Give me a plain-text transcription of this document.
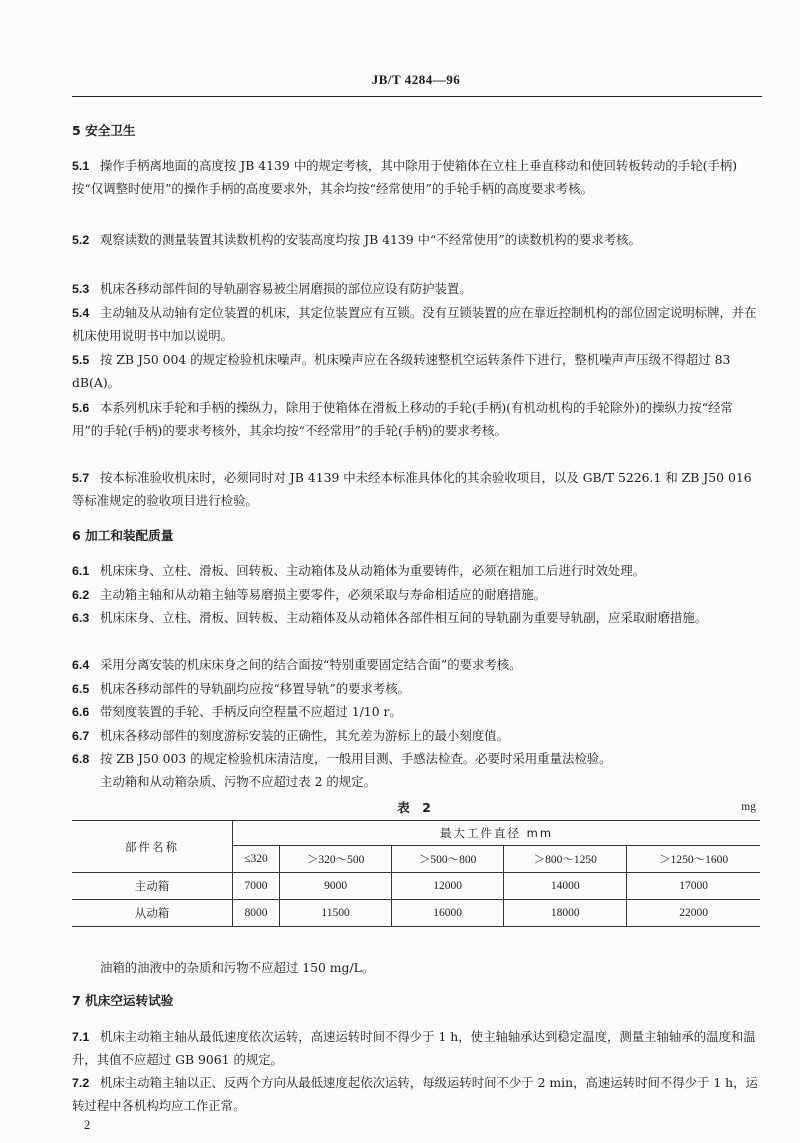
JB/T 4284—96
5 安全卫生
5.1 操作手柄离地面的高度按 JB 4139 中的规定考核，其中除用于使箱体在立柱上垂直移动和使回转板转动的手轮(手柄)按“仅调整时使用”的操作手柄的高度要求外，其余均按“经常使用”的手轮手柄的高度要求考核。
5.2 观察读数的测量装置其读数机构的安装高度均按 JB 4139 中“不经常使用”的读数机构的要求考核。
5.3 机床各移动部件间的导轨副容易被尘屑磨损的部位应设有防护装置。
5.4 主动轴及从动轴有定位装置的机床，其定位装置应有互锁。没有互锁装置的应在靠近控制机构的部位固定说明标牌，并在机床使用说明书中加以说明。
5.5 按 ZB J50 004 的规定检验机床噪声。机床噪声应在各级转速整机空运转条件下进行，整机噪声声压级不得超过 83 dB(A)。
5.6 本系列机床手轮和手柄的操纵力，除用于使箱体在滑板上移动的手轮(手柄)(有机动机构的手轮除外)的操纵力按“经常用”的手轮(手柄)的要求考核外，其余均按“不经常用”的手轮(手柄)的要求考核。
5.7 按本标准验收机床时，必须同时对 JB 4139 中未经本标准具体化的其余验收项目，以及 GB/T 5226.1 和 ZB J50 016 等标准规定的验收项目进行检验。
6 加工和装配质量
6.1 机床床身、立柱、滑板、回转板、主动箱体及从动箱体为重要铸件，必须在粗加工后进行时效处理。
6.2 主动箱主轴和从动箱主轴等易磨损主要零件，必须采取与寿命相适应的耐磨措施。
6.3 机床床身、立柱、滑板、回转板、主动箱体及从动箱体各部件相互间的导轨副为重要导轨副，应采取耐磨措施。
6.4 采用分离安装的机床床身之间的结合面按“特别重要固定结合面”的要求考核。
6.5 机床各移动部件的导轨副均应按“移置导轨”的要求考核。
6.6 带刻度装置的手轮、手柄反向空程量不应超过 1/10 r。
6.7 机床各移动部件的刻度游标安装的正确性，其允差为游标上的最小刻度值。
6.8 按 ZB J50 003 的规定检验机床清洁度，一般用目测、手感法检查。必要时采用重量法检验。
主动箱和从动箱杂质、污物不应超过表 2 的规定。
表 2	mg
部件名称	最大工件直径 mm				
	≤320	＞320～500	＞500～800	＞800～1250	＞1250～1600
主动箱	7000	9000	12000	14000	17000
从动箱	8000	11500	16000	18000	22000
油箱的油液中的杂质和污物不应超过 150 mg/L。
7 机床空运转试验
7.1 机床主动箱主轴从最低速度依次运转，高速运转时间不得少于 1 h，使主轴轴承达到稳定温度，测量主轴轴承的温度和温升，其值不应超过 GB 9061 的规定。
7.2 机床主动箱主轴以正、反两个方向从最低速度起依次运转，每级运转时间不少于 2 min，高速运转时间不得少于 1 h，运转过程中各机构均应工作正常。
2
